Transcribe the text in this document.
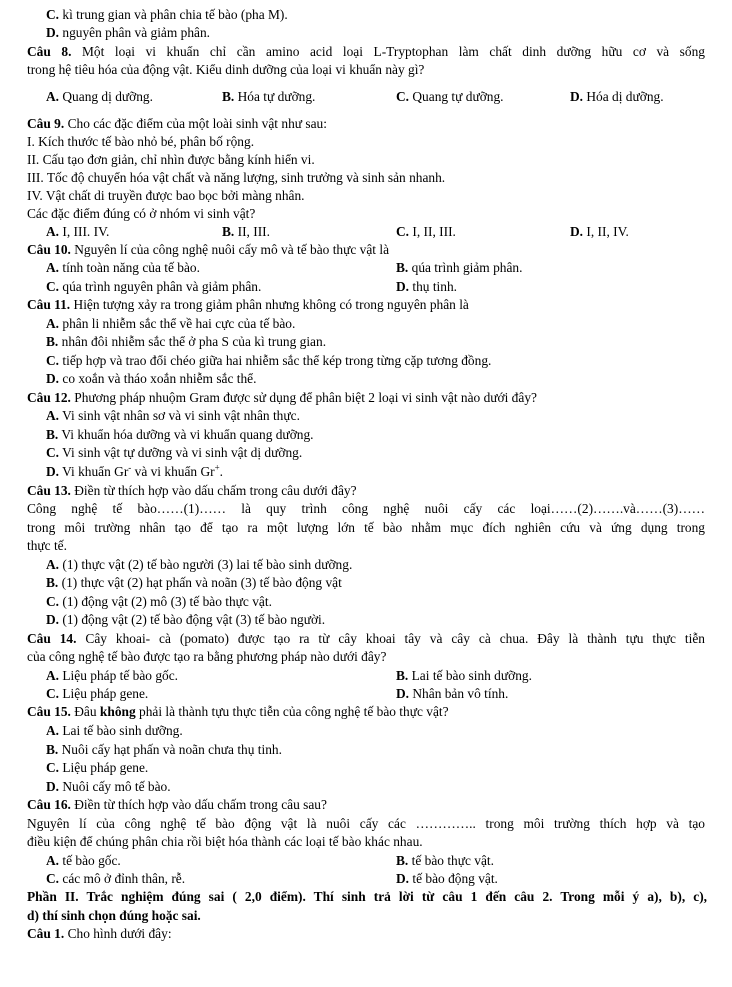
C. kì trung gian và phân chia tế bào (pha M).
D. nguyên phân và giảm phân.
Câu 8. Một loại vi khuẩn chỉ cần amino acid loại L-Tryptophan làm chất dinh dưỡng hữu cơ và sống
trong hệ tiêu hóa của động vật. Kiểu dinh dưỡng của loại vi khuẩn này gì?
Câu 9. Cho các đặc điểm của một loài sinh vật như sau:
I. Kích thước tế bào nhỏ bé, phân bố rộng.
II. Cấu tạo đơn giản, chỉ nhìn được bằng kính hiển vi.
III. Tốc độ chuyển hóa vật chất và năng lượng, sinh trưởng và sinh sản nhanh.
IV. Vật chất di truyền được bao bọc bởi màng nhân.
Các đặc điểm đúng có ở nhóm vi sinh vật?
Câu 10. Nguyên lí của công nghệ nuôi cấy mô và tế bào thực vật là
Câu 11. Hiện tượng xảy ra trong giảm phân nhưng không có trong nguyên phân là
A. phân li nhiễm sắc thể về hai cực của tế bào.
B. nhân đôi nhiễm sắc thể ở pha S của kì trung gian.
C. tiếp hợp và trao đổi chéo giữa hai nhiễm sắc thể kép trong từng cặp tương đồng.
D. co xoắn và tháo xoắn nhiễm sắc thể.
Câu 12. Phương pháp nhuộm Gram được sử dụng để phân biệt 2 loại vi sinh vật nào dưới đây?
A. Vi sinh vật nhân sơ và vi sinh vật nhân thực.
B. Vi khuẩn hóa dưỡng và vi khuẩn quang dưỡng.
C. Vi sinh vật tự dưỡng và vi sinh vật dị dưỡng.
D. Vi khuẩn Gr- và vi khuẩn Gr+.
Câu 13. Điền từ thích hợp vào dấu chấm trong câu dưới đây?
Công nghệ tế bào……(1)…… là quy trình công nghệ nuôi cấy các loại……(2)…….và……(3)……
trong môi trường nhân tạo để tạo ra một lượng lớn tế bào nhằm mục đích nghiên cứu và ứng dụng trong
thực tế.
A. (1) thực vật (2) tế bào người (3) lai tế bào sinh dưỡng.
B. (1) thực vật (2) hạt phấn và noãn (3) tế bào động vật
C. (1) động vật (2) mô (3) tế bào thực vật.
D. (1) động vật (2) tế bào động vật (3) tế bào người.
Câu 14. Cây khoai- cà (pomato) được tạo ra từ cây khoai tây và cây cà chua. Đây là thành tựu thực tiễn
của công nghệ tế bào được tạo ra bằng phương pháp nào dưới đây?
Câu 15. Đâu không phải là thành tựu thực tiễn của công nghệ tế bào thực vật?
A. Lai tế bào sinh dưỡng.
B. Nuôi cấy hạt phấn và noãn chưa thụ tinh.
C. Liệu pháp gene.
D. Nuôi cấy mô tế bào.
Câu 16. Điền từ thích hợp vào dấu chấm trong câu sau?
Nguyên lí của công nghệ tế bào động vật là nuôi cấy các ………….. trong môi trường thích hợp và tạo
điều kiện để chúng phân chia rồi biệt hóa thành các loại tế bào khác nhau.
Phần II. Trắc nghiệm đúng sai ( 2,0 điểm). Thí sinh trả lời từ câu 1 đến câu 2. Trong mỗi ý a), b), c),
d) thí sinh chọn đúng hoặc sai.
Câu 1. Cho hình dưới đây:
A. Quang dị dưỡng.	B. Hóa tự dưỡng.	C. Quang tự dưỡng.	D. Hóa dị dưỡng.
A. I, III. IV.	B. II, III.	C. I, II, III.	D. I, II, IV.
A. tính toàn năng của tế bào.	B. qúa trình giảm phân.
C. qúa trình nguyên phân và giảm phân.	D. thụ tinh.
A. Liệu pháp tế bào gốc.	B. Lai tế bào sinh dưỡng.
C. Liệu pháp gene.	D. Nhân bản vô tính.
A. tế bào gốc.	B. tế bào thực vật.
C. các mô ở đỉnh thân, rễ.	D. tế bào động vật.
